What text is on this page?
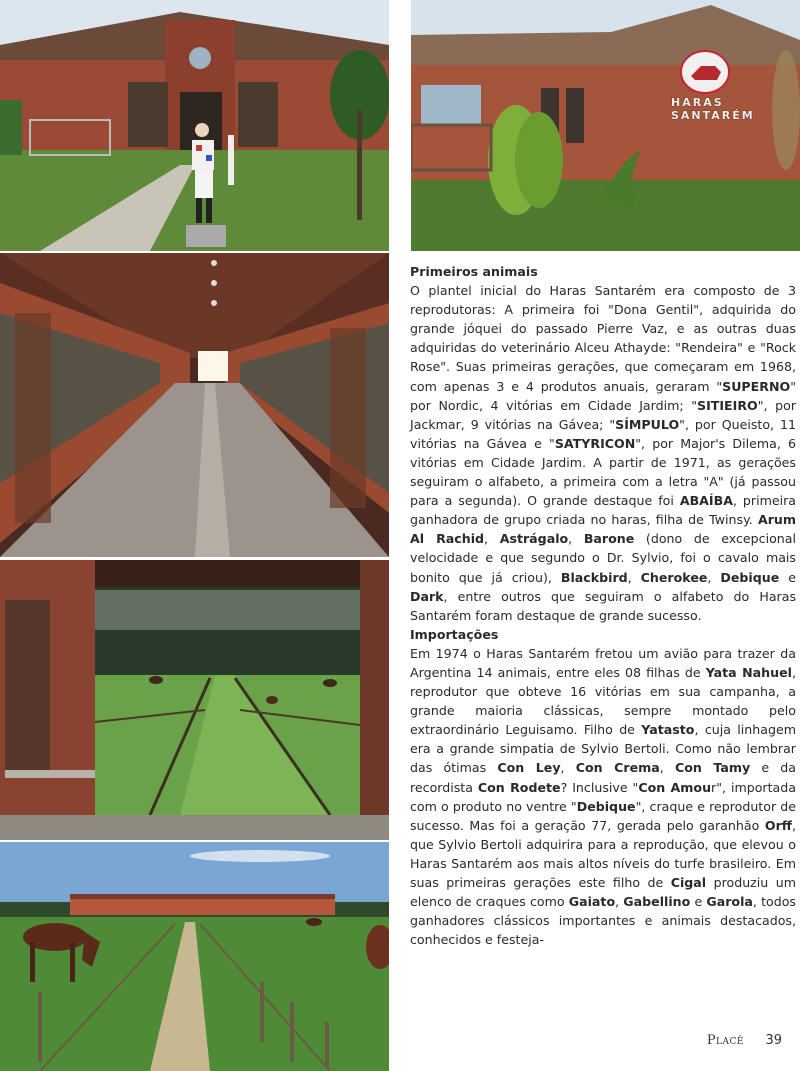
HARAS SANTARÉM
Primeiros animais

O plantel inicial do Haras Santarém era composto de 3 reprodutoras: A primeira foi "Dona Gentil", adquirida do grande jóquei do passado Pierre Vaz, e as outras duas adquiridas do veterinário Alceu Athayde: "Rendeira" e "Rock Rose". Suas primeiras gerações, que começaram em 1968, com apenas 3 e 4 produtos anuais, geraram "SUPERNO" por Nordic, 4 vitórias em Cidade Jardim; "SITIEIRO", por Jackmar, 9 vitórias na Gávea; "SÍMPULO", por Queisto, 11 vitórias na Gávea e "SATYRICON", por Major's Dilema, 6 vitórias em Cidade Jardim. A partir de 1971, as gerações seguiram o alfabeto, a primeira com a letra "A" (já passou para a segunda). O grande destaque foi ABAÍBA, primeira ganhadora de grupo criada no haras, filha de Twinsy. Arum Al Rachid, Astrágalo, Barone (dono de excepcional velocidade e que segundo o Dr. Sylvio, foi o cavalo mais bonito que já criou), Blackbird, Cherokee, Debique e Dark, entre outros que seguiram o alfabeto do Haras Santarém foram destaque de grande sucesso.

Importações

Em 1974 o Haras Santarém fretou um avião para trazer da Argentina 14 animais, entre eles 08 filhas de Yata Nahuel, reprodutor que obteve 16 vitórias em sua campanha, a grande maioria clássicas, sempre montado pelo extraordinário Leguisamo. Filho de Yatasto, cuja linhagem era a grande simpatia de Sylvio Bertoli. Como não lembrar das ótimas Con Ley, Con Crema, Con Tamy e da recordista Con Rodete? Inclusive "Con Amour", importada com o produto no ventre "Debique", craque e reprodutor de sucesso. Mas foi a geração 77, gerada pelo garanhão Orff, que Sylvio Bertoli adquirira para a reprodução, que elevou o Haras Santarém aos mais altos níveis do turfe brasileiro. Em suas primeiras gerações este filho de Cigal produziu um elenco de craques como Gaiato, Gabellino e Garola, todos ganhadores clássicos importantes e animais destacados, conhecidos e festeja-

Placê 39
